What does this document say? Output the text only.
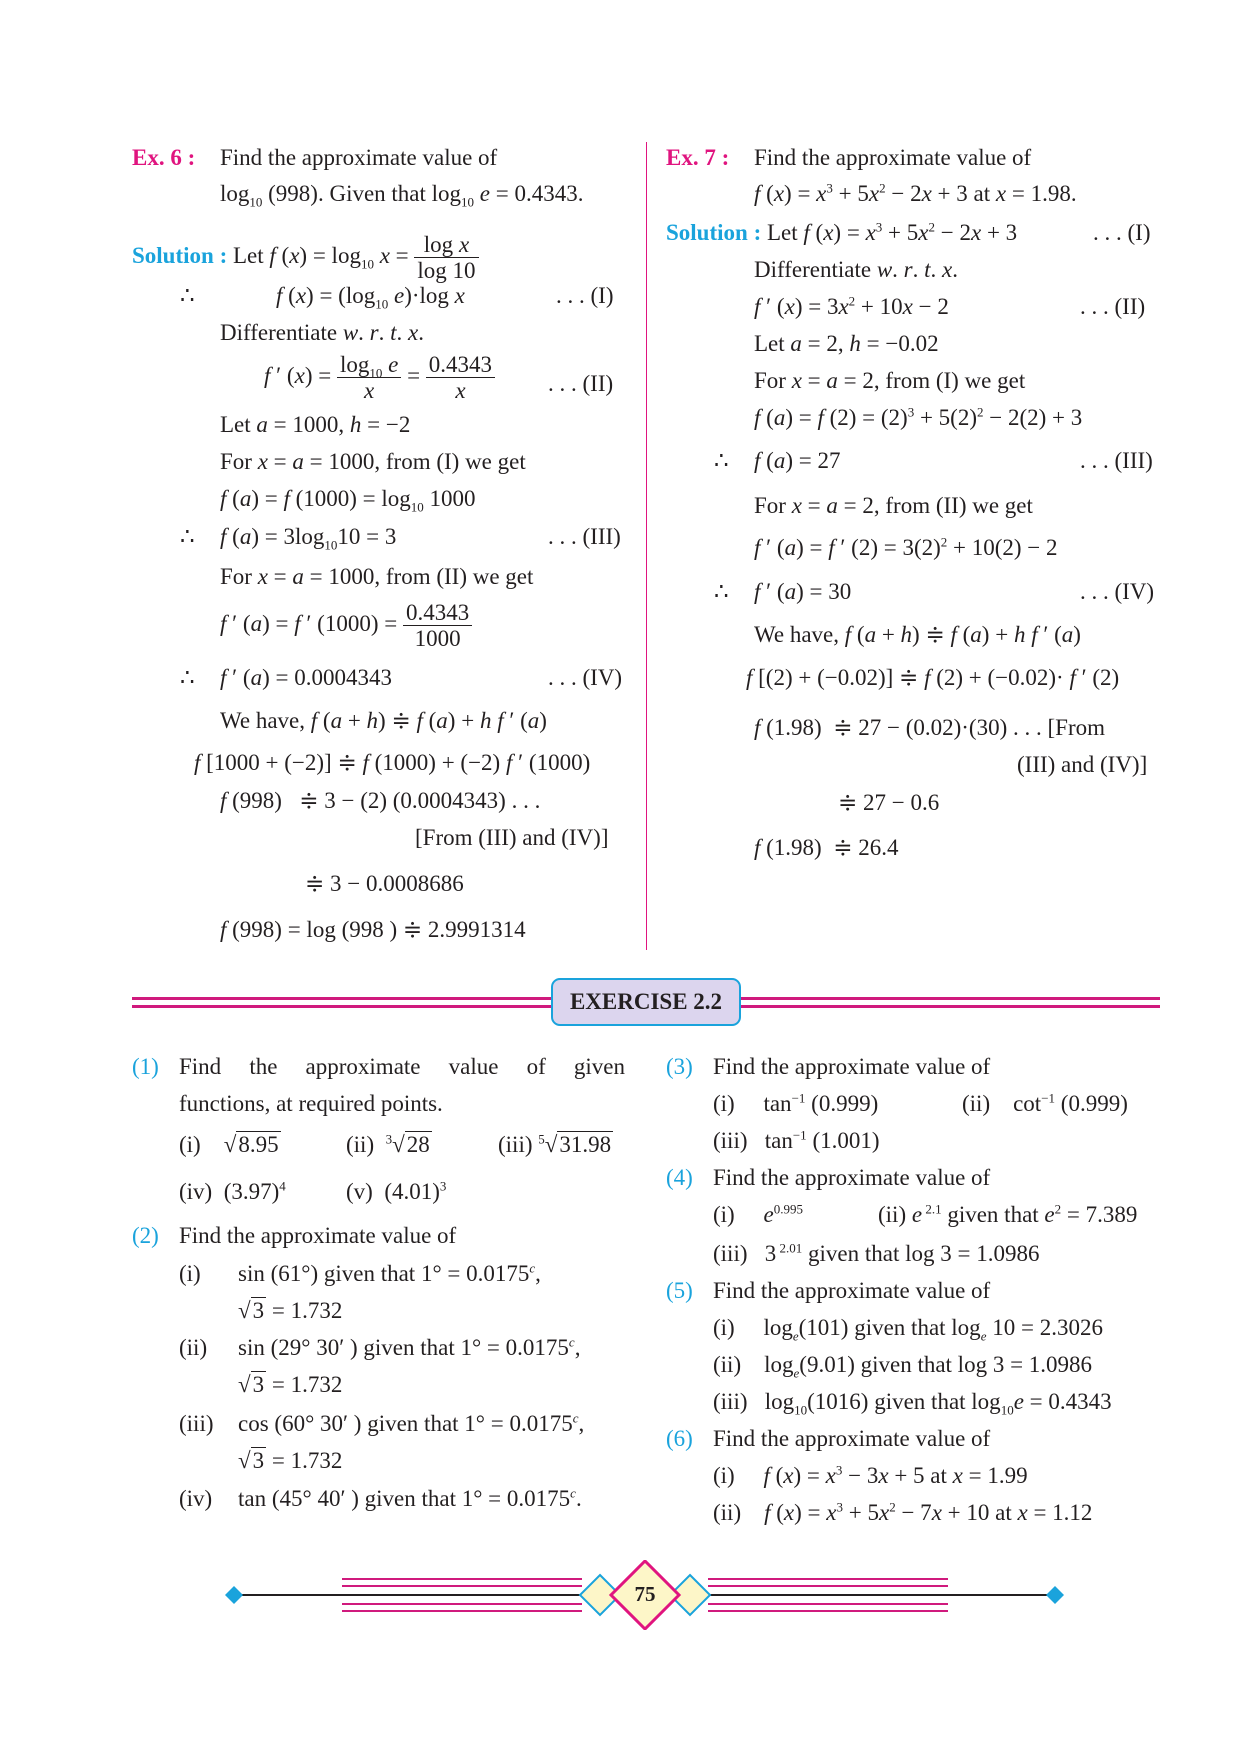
Ex. 6 : Find the approximate value of
$\log_{10} (998)$. Given that $\log_{10} e = 0.4343$.
Solution : Let f $(x) = \log_{10} x = \frac{\text{log x}}{\log 10}$
∴	f $(x) = (\log_{10}$ e)·log x	. . . (I)
Differentiate w. r. t. x.
f ′ $(x) = \frac{\log_{10} e}{x} = \frac{0.4343}{x}$ . . . (II)
Let a = 1000, h = −2
For x = a = 1000, from (I) we get
f (a) = f $(1000) = \log_{10} 1000$
∴ f $(a) = 3\log_{10}10 = 3$	. . . (III)
For x = a = 1000, from (II) we get
f ′ (a) = f ′ $(1000) = \frac{0.4343}{1000}$
∴ f ′ (a) = 0.0004343	. . . (IV)
We have, f (a + h) ≑ f (a) + h f ′ (a)
f [1000 + (−2)] ≑ f (1000) + (−2) f ′ (1000)
f (998)   ≑ 3 − (2) (0.0004343) . . .
[From (III) and (IV)]
≑ 3 − 0.0008686
f (998) = log (998 ) ≑ 2.9991314
Ex. 7 : Find the approximate value of
f $(x) = x^3 + 5x^2 - 2x + 3$ at x = 1.98.
Solution : Let f $(x) = x^3 + 5x^2 - 2x + 3$	. . . (I)
Differentiate w. r. t. x.
f ′ $(x) = 3x^2 + 10x - 2$	. . . (II)
Let a = 2, h = −0.02
For x = a = 2, from (I) we get
f (a) = f $(2) = (2)^3 + 5(2)^2 - 2(2) + 3$
∴ f (a) = 27	. . . (III)
For x = a = 2, from (II) we get
f ′ (a) = f ′ $(2) = 3(2)^2 + 10(2) - 2$
∴ f ′ (a) = 30	. . . (IV)
We have, f (a + h) ≑ f (a) + h f ′ (a)
f [(2) + (−0.02)] ≑ f (2) + (−0.02)· f ′ (2)
f (1.98)  ≑ 27 − (0.02)·(30) . . . [From
(III) and (IV)]
≑ 27 − 0.6
f (1.98)  ≑ 26.4
EXERCISE 2.2
(1) Find the approximate value of given
functions, at required points.
(i)    √8.95	(ii)  $^3$√28	(iii) $^5$√31.98
(iv)  $(3.97)^4$	(v)  $(4.01)^3$
(2) Find the approximate value of
(i) sin (61°) given that 1° = 0.0175$^c$,
√3 = 1.732
(ii) sin (29° 30′ ) given that 1° = 0.0175$^c$,
√3 = 1.732
(iii) cos (60° 30′ ) given that 1° = 0.0175$^c$,
√3 = 1.732
(iv) tan (45° 40′ ) given that 1° = 0.0175$^c$.
(3) Find the approximate value of
(i)     $\tan^{-1} (0.999)$	(ii)    $\cot^{-1} (0.999)$
(iii)   $\tan^{-1} (1.001)$
(4) Find the approximate value of
(i)     $e^{0.995}$	(ii) e $^{2.1}$ given that $e^2 = 7.389$
(iii)   3 $^{2.01}$ given that log 3 = 1.0986
(5) Find the approximate value of
(i)     $\log_e(101)$ given that $\log_e 10 = 2.3026$
(ii)    $\log_e(9.01)$ given that log 3 = 1.0986
(iii)   $\log_{10}(1016)$ given that $\log_{10}e = 0.4343$
(6) Find the approximate value of
(i)     f $(x) = x^3 - 3x + 5$ at x = 1.99
(ii)    f $(x) = x^3 + 5x^2 - 7x + 10$ at x = 1.12
75
